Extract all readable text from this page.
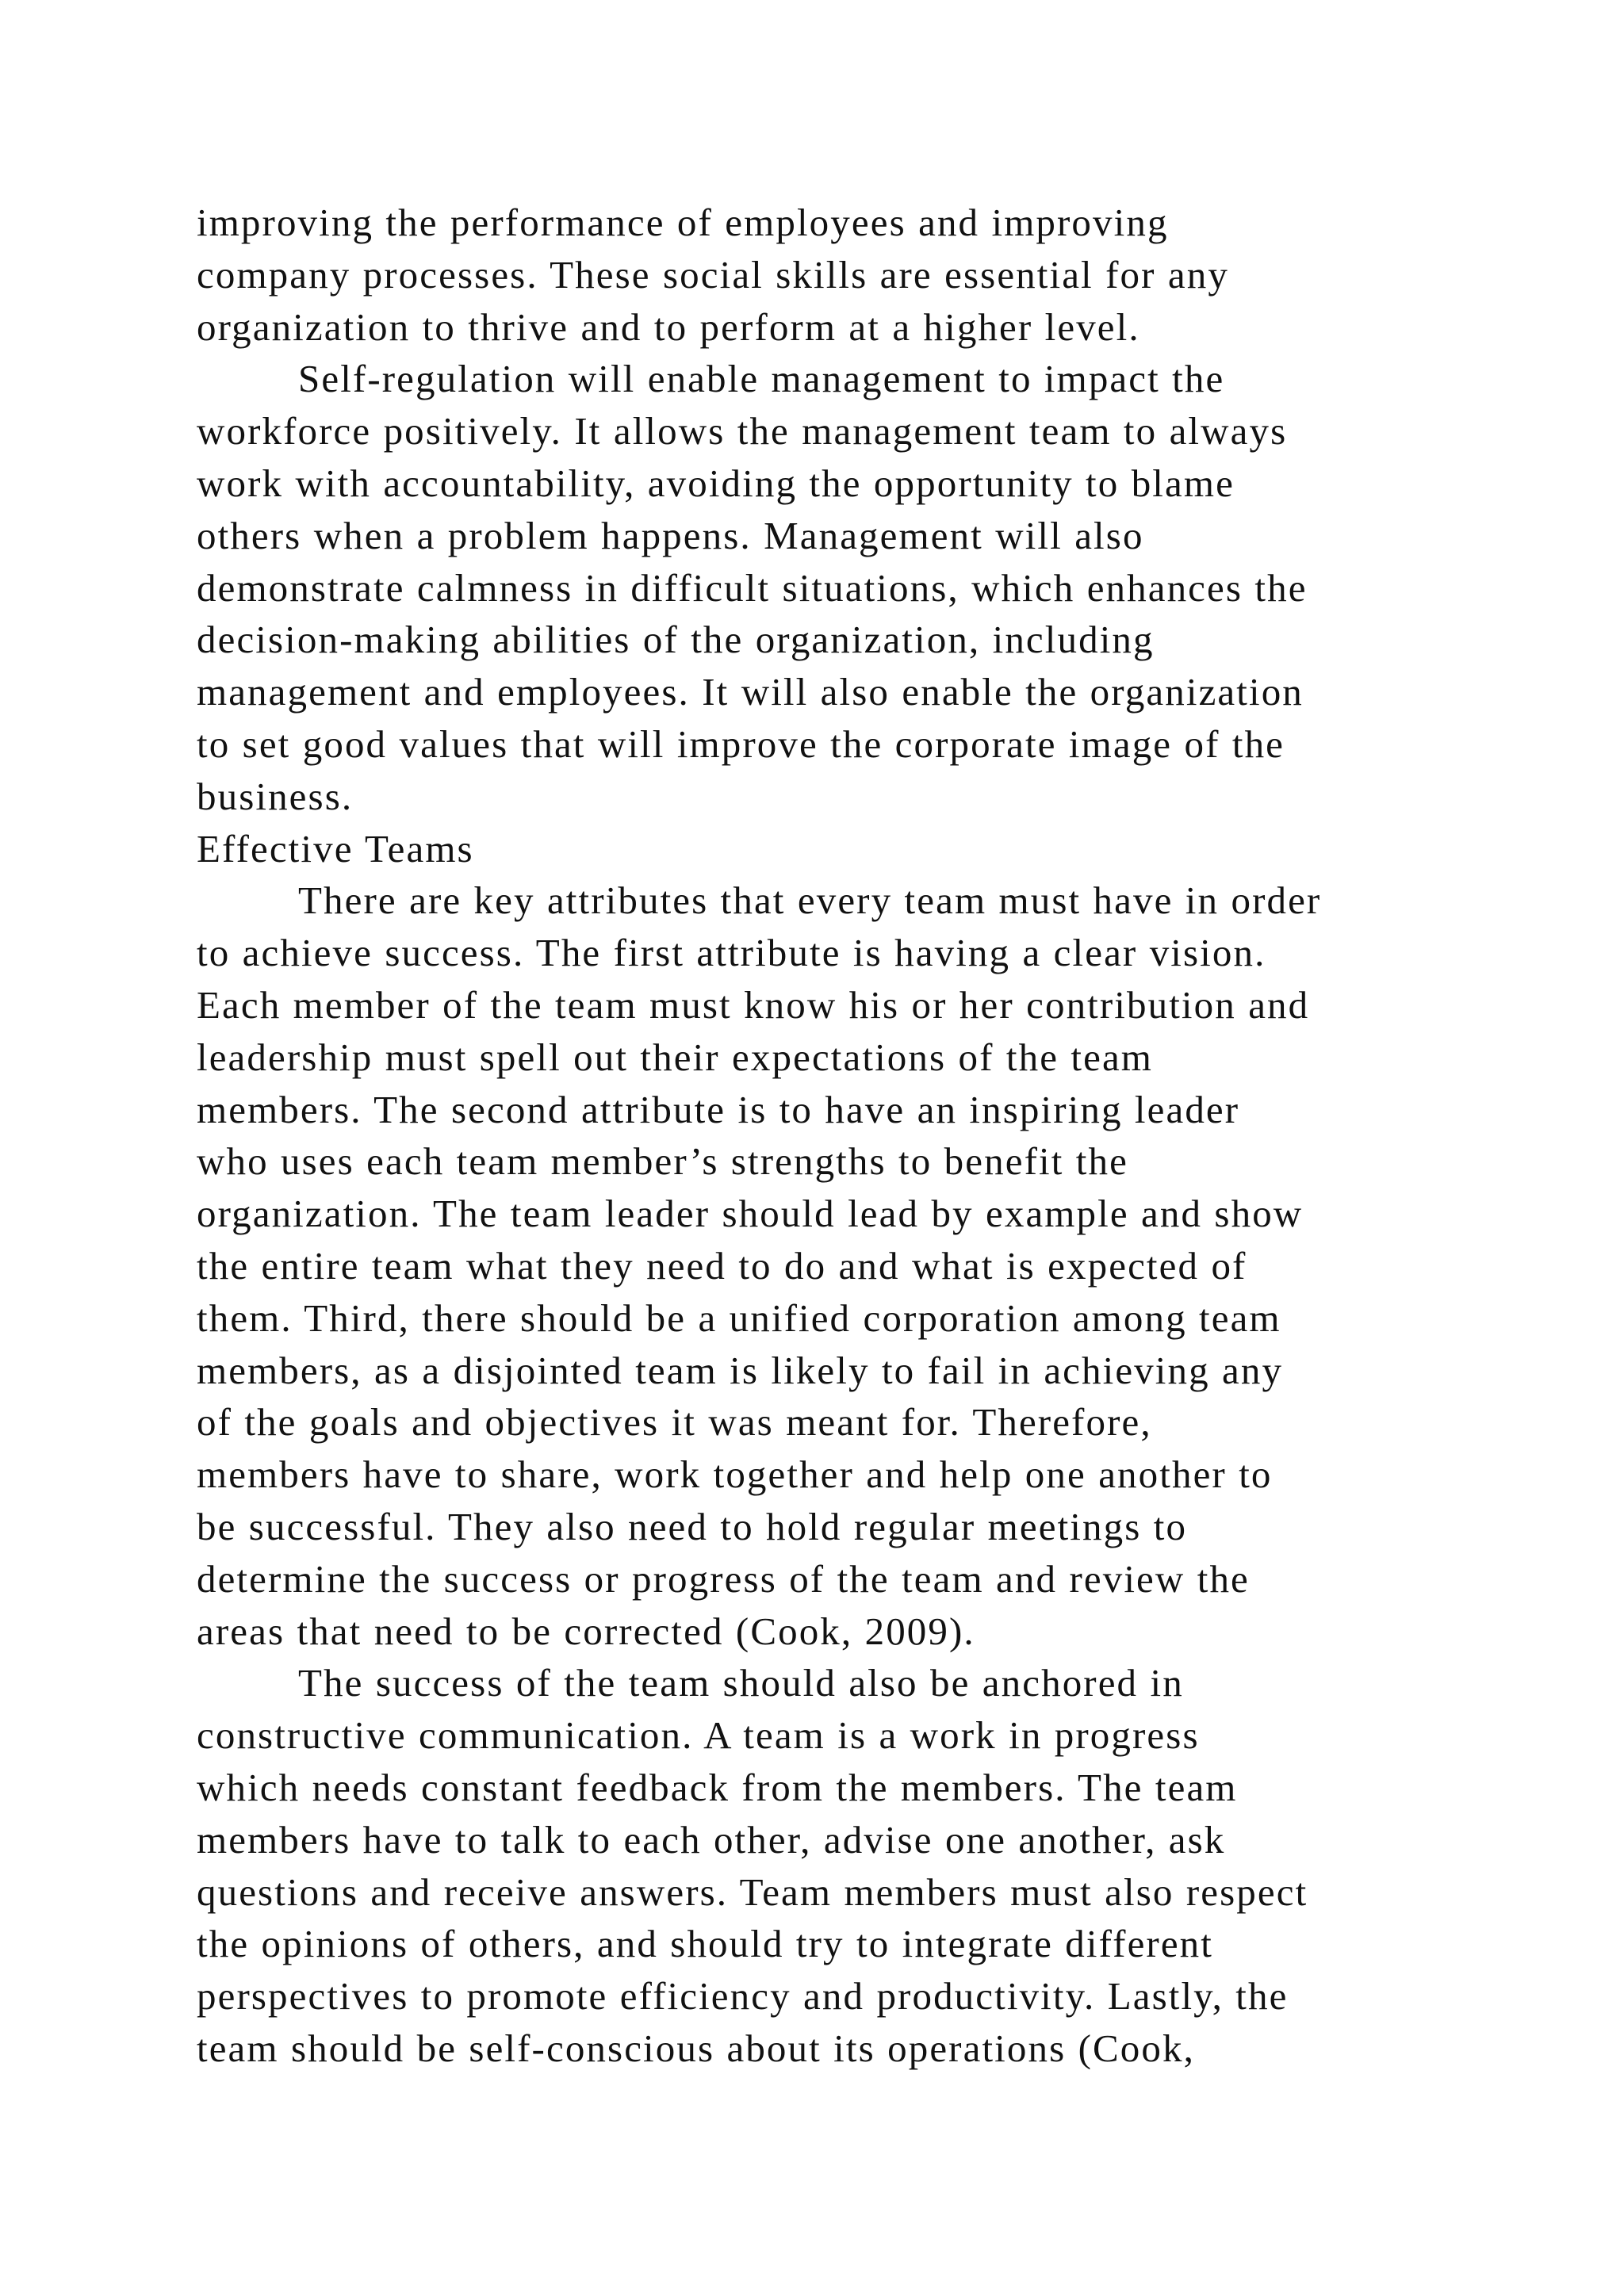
improving the performance of employees and improving
company processes. These social skills are essential for any
organization to thrive and to perform at a higher level.
Self-regulation will enable management to impact the
workforce positively. It allows the management team to always
work with accountability, avoiding the opportunity to blame
others when a problem happens. Management will also
demonstrate calmness in difficult situations, which enhances the
decision-making abilities of the organization, including
management and employees. It will also enable the organization
to set good values that will improve the corporate image of the
business.
Effective Teams
There are key attributes that every team must have in order
to achieve success. The first attribute is having a clear vision.
Each member of the team must know his or her contribution and
leadership must spell out their expectations of the team
members. The second attribute is to have an inspiring leader
who uses each team member’s strengths to benefit the
organization. The team leader should lead by example and show
the entire team what they need to do and what is expected of
them. Third, there should be a unified corporation among team
members, as a disjointed team is likely to fail in achieving any
of the goals and objectives it was meant for. Therefore,
members have to share, work together and help one another to
be successful. They also need to hold regular meetings to
determine the success or progress of the team and review the
areas that need to be corrected (Cook, 2009).
The success of the team should also be anchored in
constructive communication. A team is a work in progress
which needs constant feedback from the members. The team
members have to talk to each other, advise one another, ask
questions and receive answers. Team members must also respect
the opinions of others, and should try to integrate different
perspectives to promote efficiency and productivity. Lastly, the
team should be self-conscious about its operations (Cook,
